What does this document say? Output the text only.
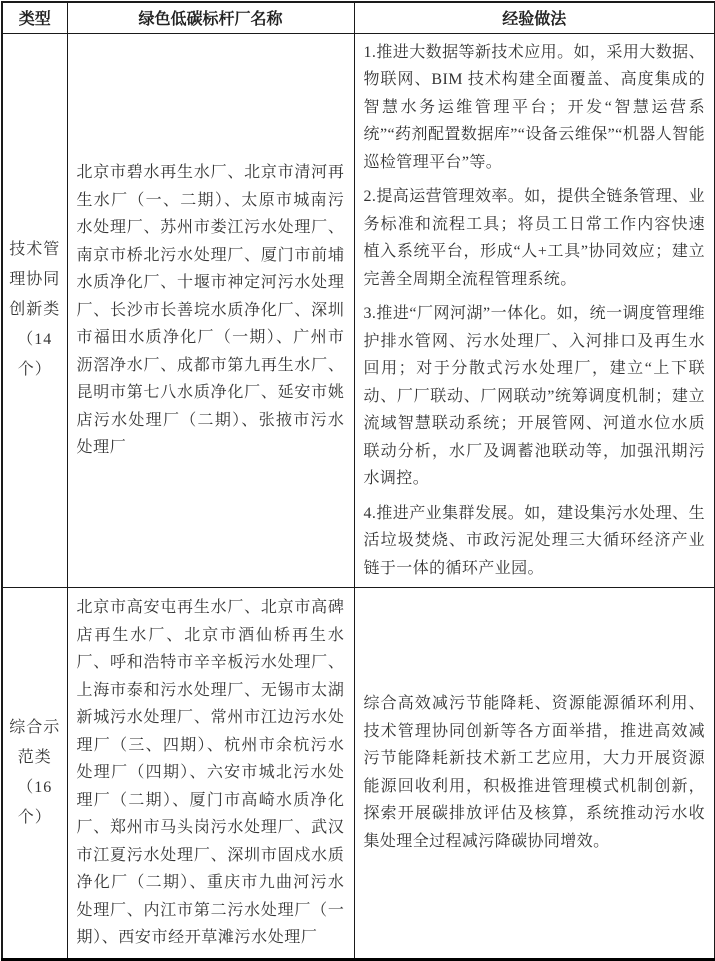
类型	绿色低碳标杆厂名称	经验做法
技术管理协同创新类（14个）	北京市碧水再生水厂、北京市清河再生水厂（一、二期）、太原市城南污水处理厂、苏州市娄江污水处理厂、南京市桥北污水处理厂、厦门市前埔水质净化厂、十堰市神定河污水处理厂、长沙市长善垸水质净化厂、深圳市福田水质净化厂（一期）、广州市沥滘净水厂、成都市第九再生水厂、昆明市第七八水质净化厂、延安市姚店污水处理厂（二期）、张掖市污水处理厂	1.推进大数据等新技术应用。如，采用大数据、物联网、BIM 技术构建全面覆盖、高度集成的智慧水务运维管理平台；开发“智慧运营系统”“药剂配置数据库”“设备云维保”“机器人智能巡检管理平台”等。

2.提高运营管理效率。如，提供全链条管理、业务标准和流程工具；将员工日常工作内容快速植入系统平台，形成“人+工具”协同效应；建立完善全周期全流程管理系统。

3.推进“厂网河湖”一体化。如，统一调度管理维护排水管网、污水处理厂、入河排口及再生水回用；对于分散式污水处理厂，建立“上下联动、厂厂联动、厂网联动”统筹调度机制；建立流域智慧联动系统；开展管网、河道水位水质联动分析，水厂及调蓄池联动等，加强汛期污水调控。

4.推进产业集群发展。如，建设集污水处理、生活垃圾焚烧、市政污泥处理三大循环经济产业链于一体的循环产业园。

综合示范类（16个）	北京市高安屯再生水厂、北京市高碑店再生水厂、北京市酒仙桥再生水厂、呼和浩特市辛辛板污水处理厂、上海市泰和污水处理厂、无锡市太湖新城污水处理厂、常州市江边污水处理厂（三、四期）、杭州市余杭污水处理厂（四期）、六安市城北污水处理厂（二期）、厦门市高崎水质净化厂、郑州市马头岗污水处理厂、武汉市江夏污水处理厂、深圳市固戍水质净化厂（二期）、重庆市九曲河污水处理厂、内江市第二污水处理厂（一期）、西安市经开草滩污水处理厂	综合高效减污节能降耗、资源能源循环利用、技术管理协同创新等各方面举措，推进高效减污节能降耗新技术新工艺应用，大力开展资源能源回收利用，积极推进管理模式机制创新，探索开展碳排放评估及核算，系统推动污水收集处理全过程减污降碳协同增效。
